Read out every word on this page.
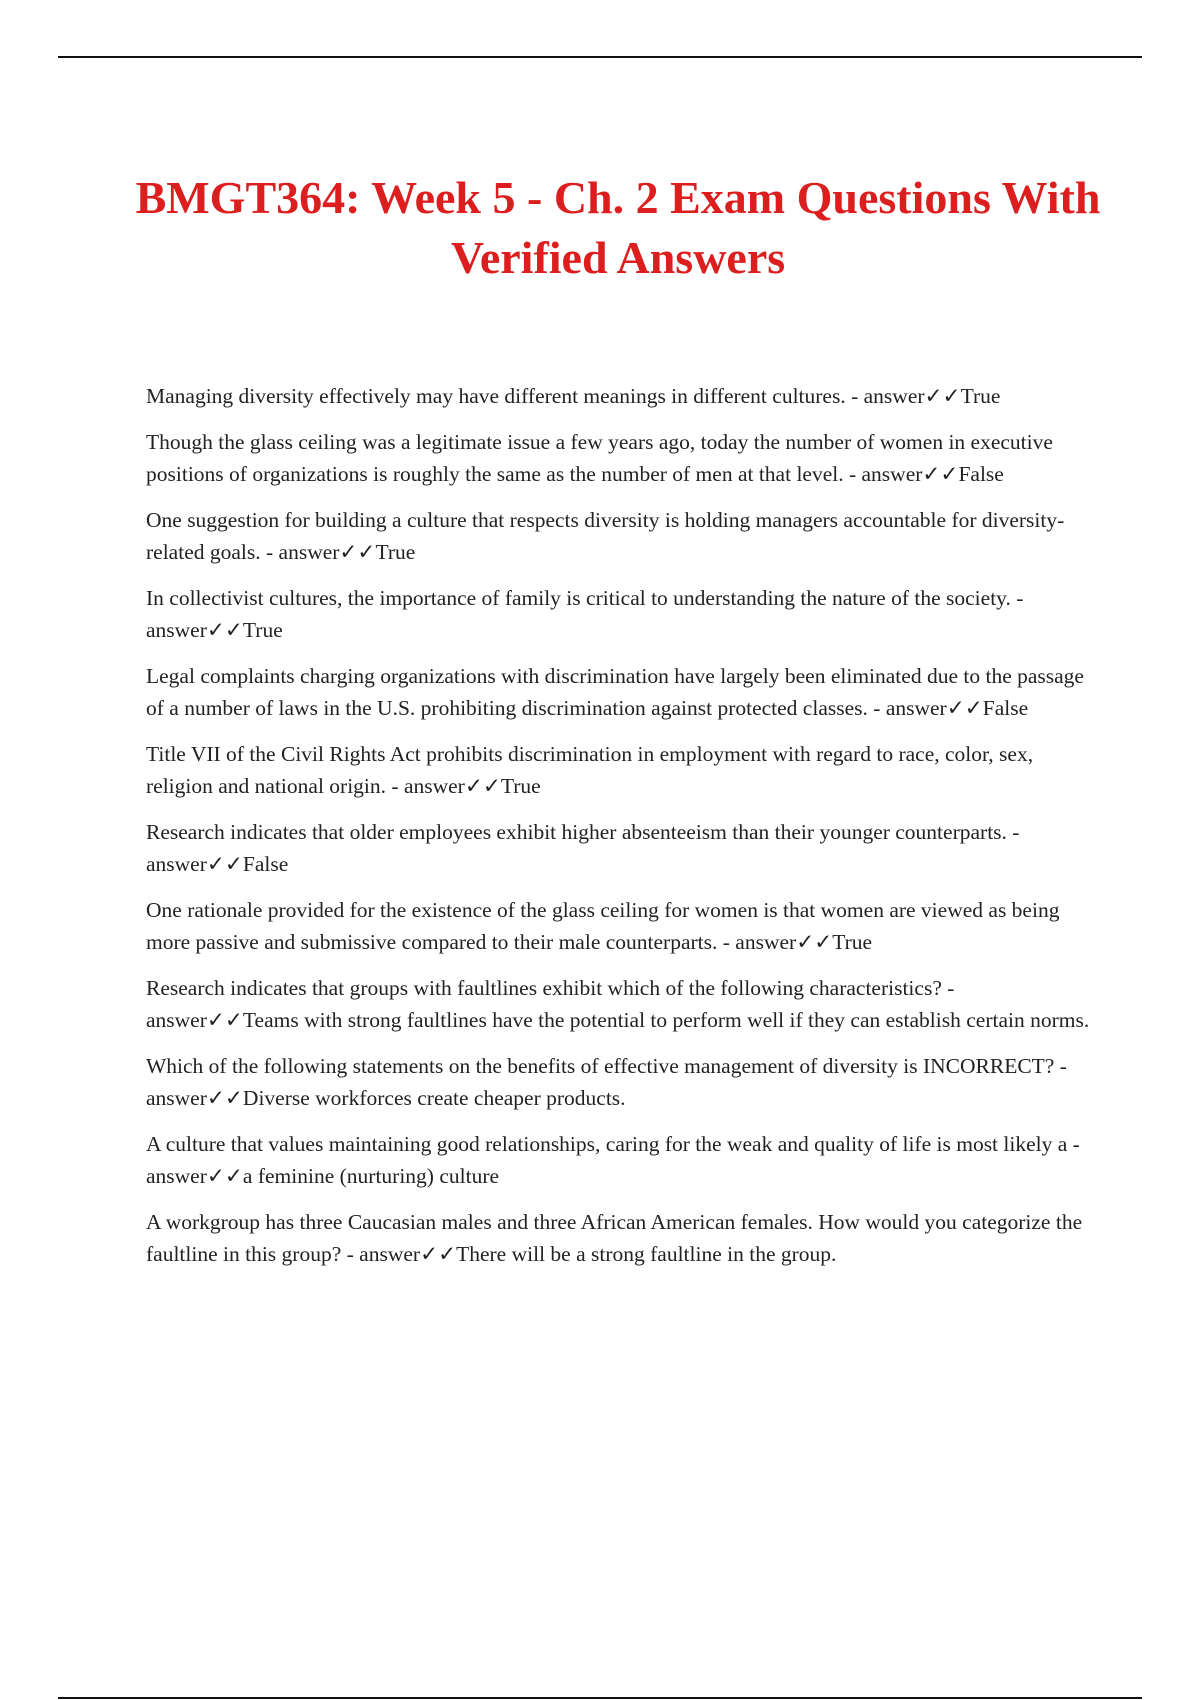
BMGT364: Week 5 - Ch. 2 Exam Questions With Verified Answers
Managing diversity effectively may have different meanings in different cultures. - answer✓✓True
Though the glass ceiling was a legitimate issue a few years ago, today the number of women in executive positions of organizations is roughly the same as the number of men at that level. - answer✓✓False
One suggestion for building a culture that respects diversity is holding managers accountable for diversity-related goals. - answer✓✓True
In collectivist cultures, the importance of family is critical to understanding the nature of the society. - answer✓✓True
Legal complaints charging organizations with discrimination have largely been eliminated due to the passage of a number of laws in the U.S. prohibiting discrimination against protected classes. - answer✓✓False
Title VII of the Civil Rights Act prohibits discrimination in employment with regard to race, color, sex, religion and national origin. - answer✓✓True
Research indicates that older employees exhibit higher absenteeism than their younger counterparts. - answer✓✓False
One rationale provided for the existence of the glass ceiling for women is that women are viewed as being more passive and submissive compared to their male counterparts. - answer✓✓True
Research indicates that groups with faultlines exhibit which of the following characteristics? - answer✓✓Teams with strong faultlines have the potential to perform well if they can establish certain norms.
Which of the following statements on the benefits of effective management of diversity is INCORRECT? - answer✓✓Diverse workforces create cheaper products.
A culture that values maintaining good relationships, caring for the weak and quality of life is most likely a - answer✓✓a feminine (nurturing) culture
A workgroup has three Caucasian males and three African American females. How would you categorize the faultline in this group? - answer✓✓There will be a strong faultline in the group.
